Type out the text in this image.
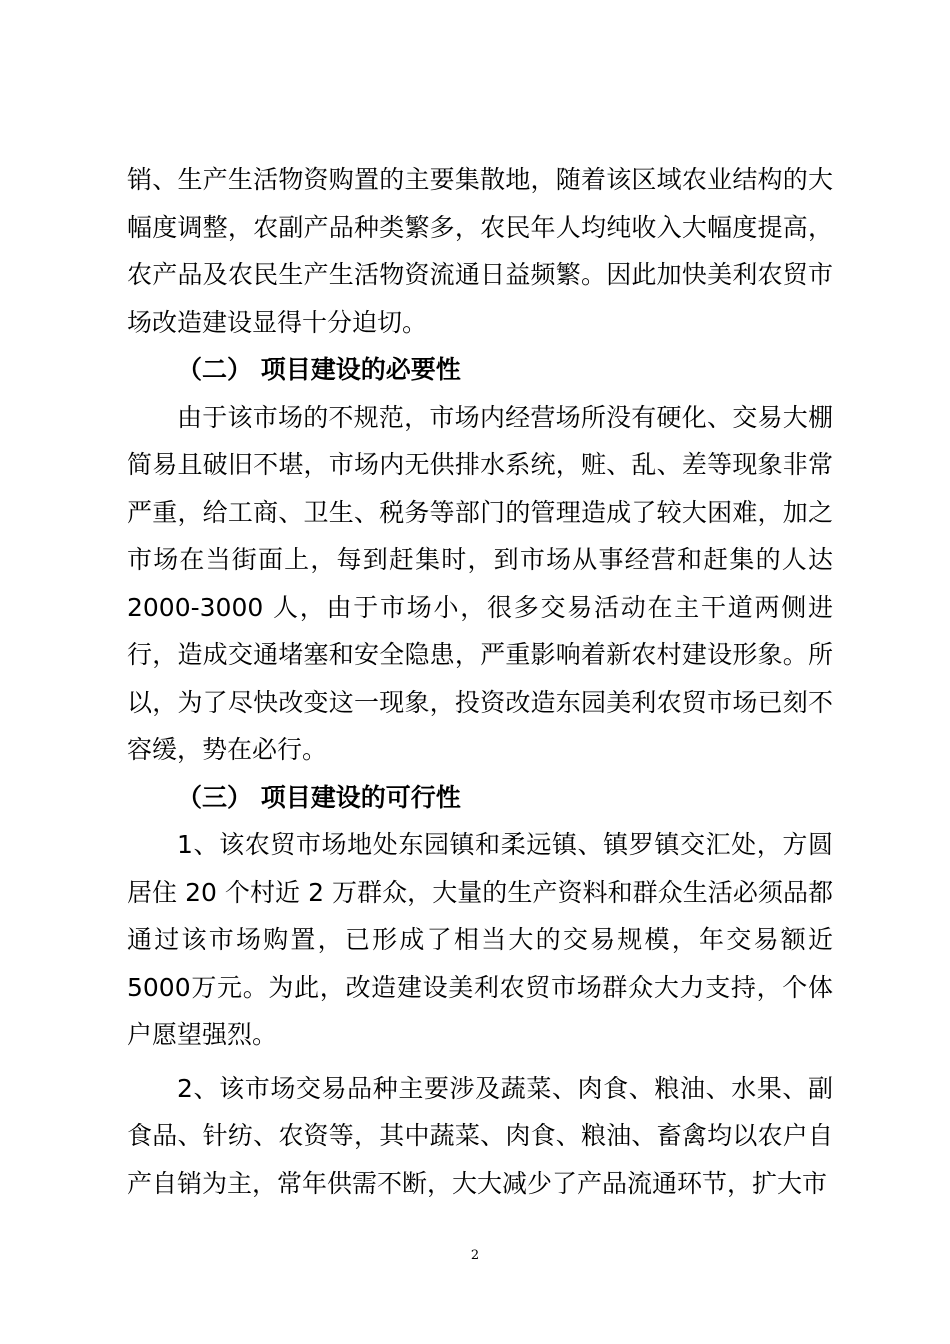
销、生产生活物资购置的主要集散地，随着该区域农业结构的大幅度调整，农副产品种类繁多，农民年人均纯收入大幅度提高，农产品及农民生产生活物资流通日益频繁。因此加快美利农贸市场改造建设显得十分迫切。

（二） 项目建设的必要性

由于该市场的不规范，市场内经营场所没有硬化、交易大棚简易且破旧不堪，市场内无供排水系统，赃、乱、差等现象非常严重，给工商、卫生、税务等部门的管理造成了较大困难，加之市场在当街面上，每到赶集时，到市场从事经营和赶集的人达2000-3000 人，由于市场小，很多交易活动在主干道两侧进行，造成交通堵塞和安全隐患，严重影响着新农村建设形象。所以，为了尽快改变这一现象，投资改造东园美利农贸市场已刻不容缓，势在必行。

（三） 项目建设的可行性

1、该农贸市场地处东园镇和柔远镇、镇罗镇交汇处，方圆居住 20 个村近 2 万群众，大量的生产资料和群众生活必须品都通过该市场购置，已形成了相当大的交易规模，年交易额近 5000万元。为此，改造建设美利农贸市场群众大力支持，个体户愿望强烈。

2、该市场交易品种主要涉及蔬菜、肉食、粮油、水果、副食品、针纺、农资等，其中蔬菜、肉食、粮油、畜禽均以农户自产自销为主，常年供需不断，大大减少了产品流通环节，扩大市

2
